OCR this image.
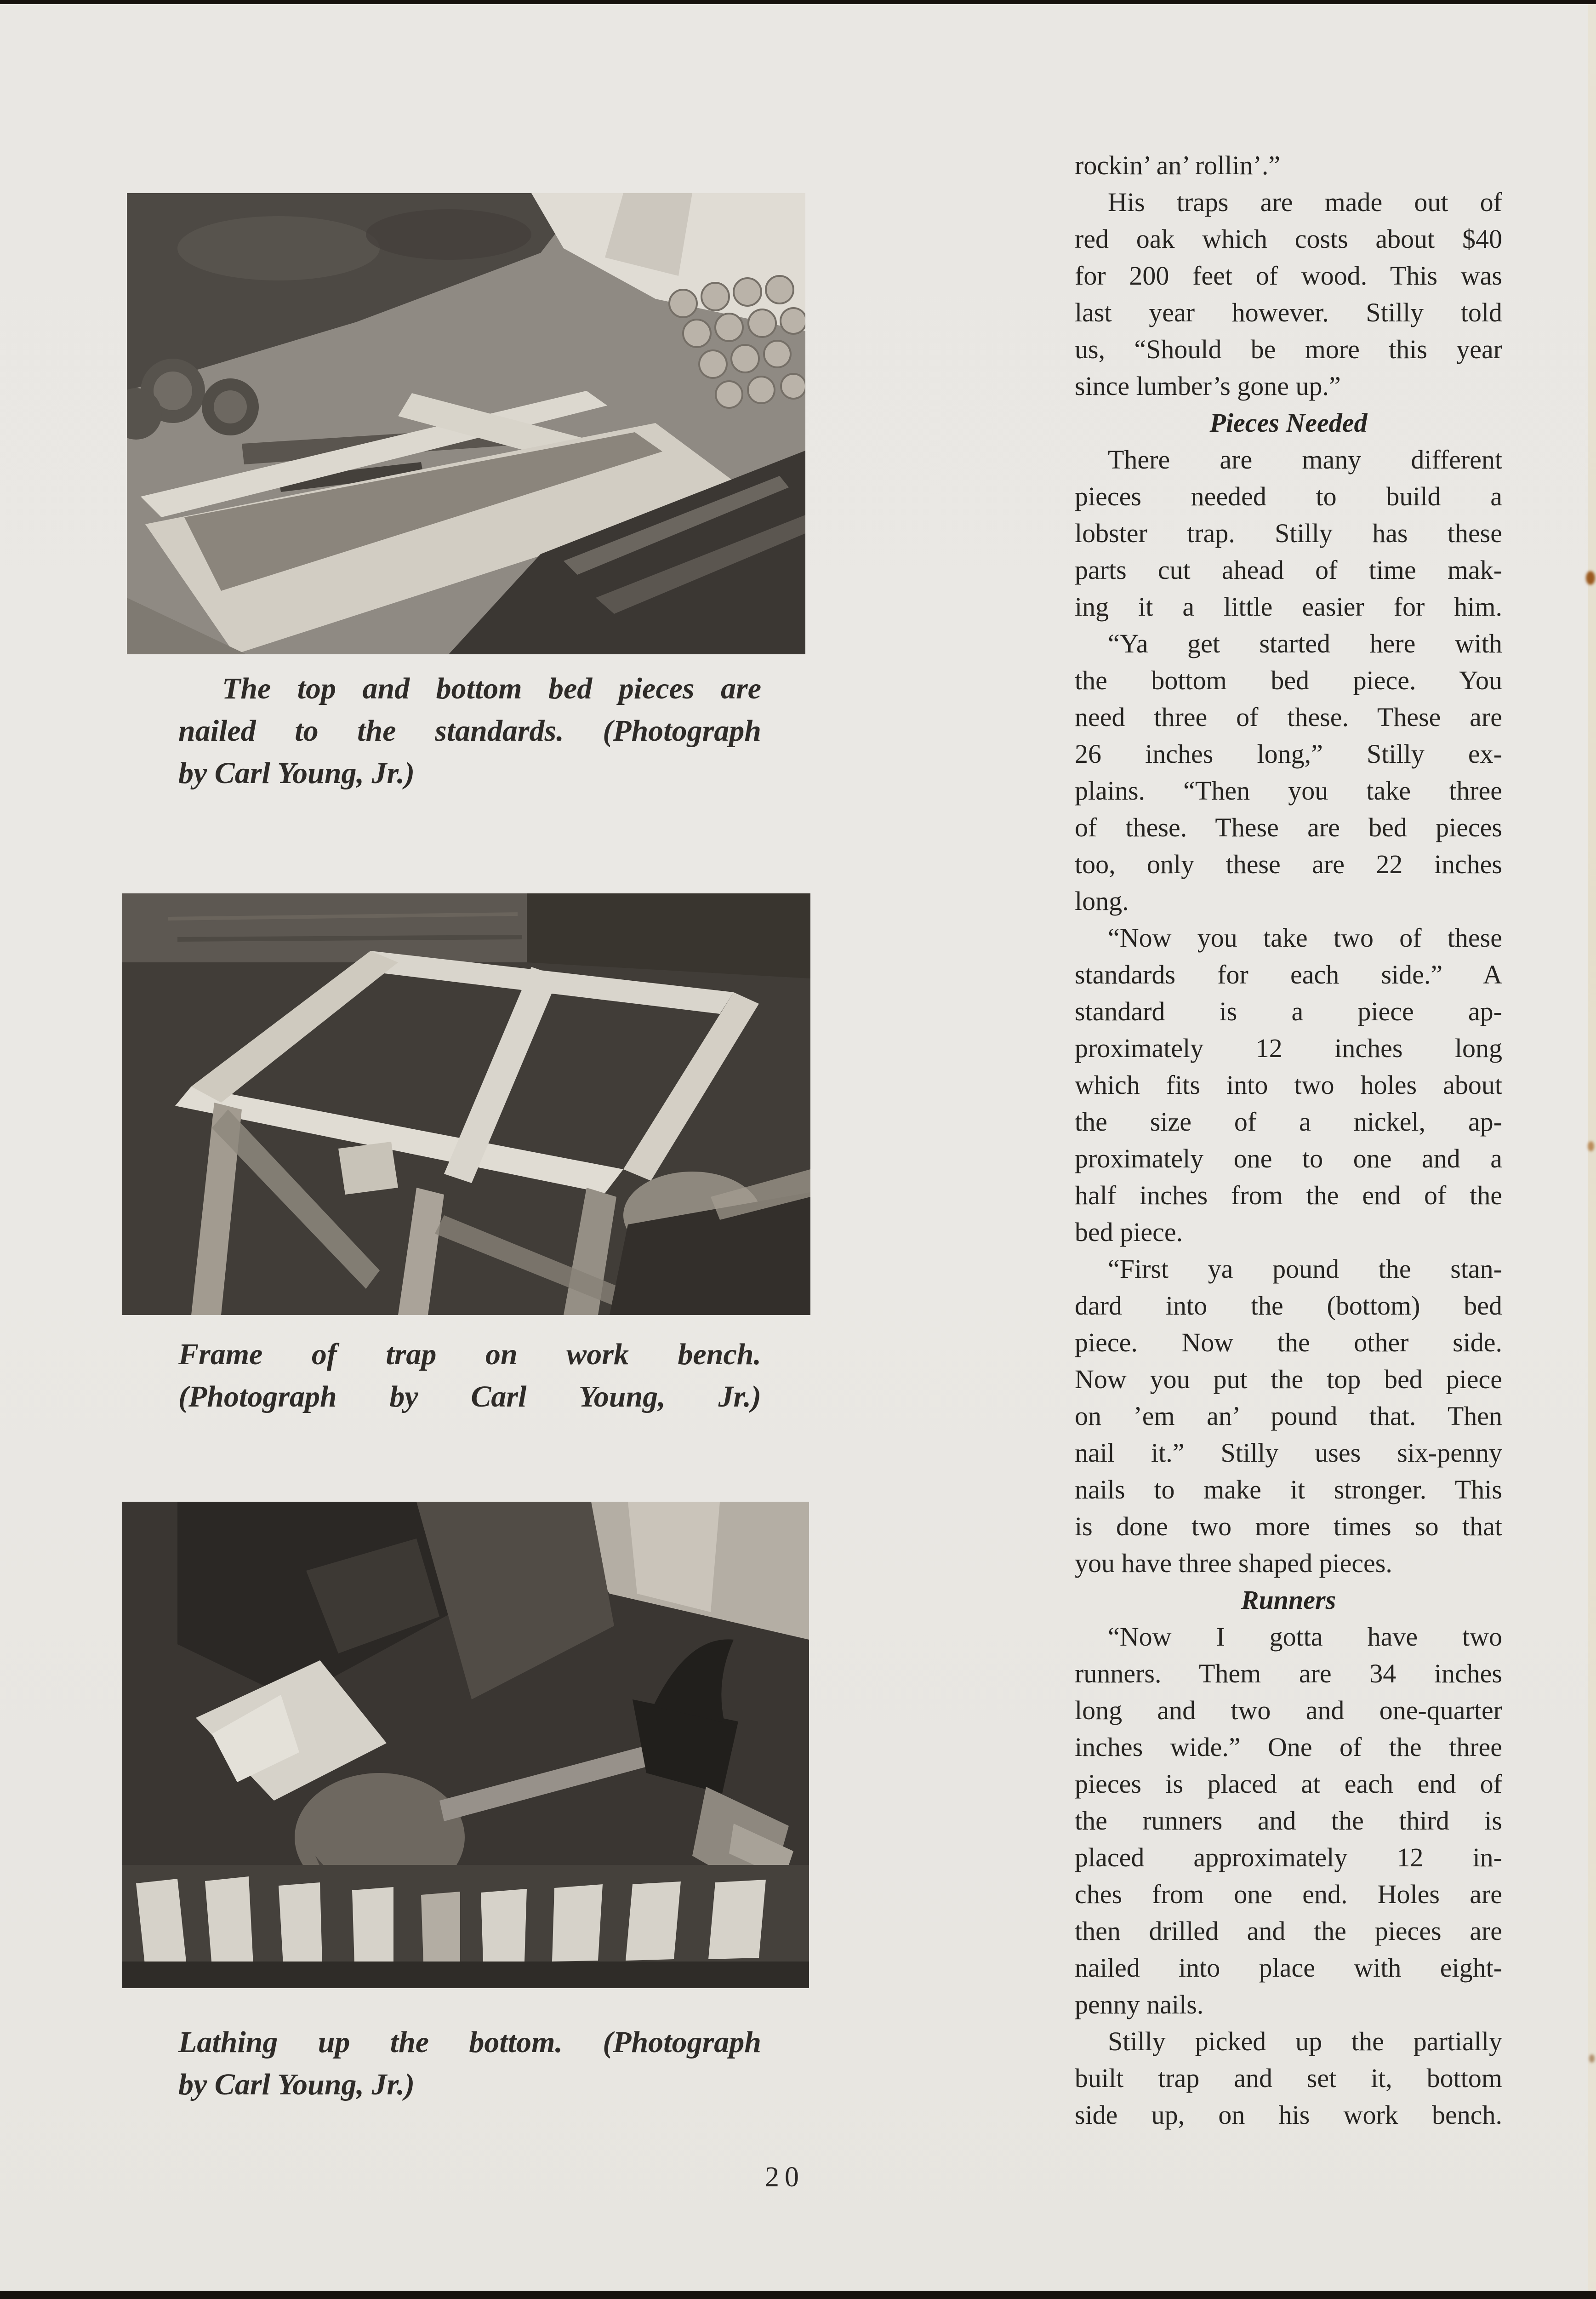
The top and bottom bed pieces are
nailed to the standards. (Photograph
by Carl Young, Jr.)
Frame of trap on work bench.
(Photograph by Carl Young, Jr.)
Lathing up the bottom. (Photograph
by Carl Young, Jr.)
rockin’ an’ rollin’.”
His traps are made out of
red oak which costs about $40
for 200 feet of wood. This was
last year however. Stilly told
us, “Should be more this year
since lumber’s gone up.”
Pieces Needed
There are many different
pieces needed to build a
lobster trap. Stilly has these
parts cut ahead of time mak-
ing it a little easier for him.
“Ya get started here with
the bottom bed piece. You
need three of these. These are
26 inches long,” Stilly ex-
plains. “Then you take three
of these. These are bed pieces
too, only these are 22 inches
long.
“Now you take two of these
standards for each side.” A
standard is a piece ap-
proximately 12 inches long
which fits into two holes about
the size of a nickel, ap-
proximately one to one and a
half inches from the end of the
bed piece.
“First ya pound the stan-
dard into the (bottom) bed
piece. Now the other side.
Now you put the top bed piece
on ’em an’ pound that. Then
nail it.” Stilly uses six-penny
nails to make it stronger. This
is done two more times so that
you have three shaped pieces.
Runners
“Now I gotta have two
runners. Them are 34 inches
long and two and one-quarter
inches wide.” One of the three
pieces is placed at each end of
the runners and the third is
placed approximately 12 in-
ches from one end. Holes are
then drilled and the pieces are
nailed into place with eight-
penny nails.
Stilly picked up the partially
built trap and set it, bottom
side up, on his work bench.
20
